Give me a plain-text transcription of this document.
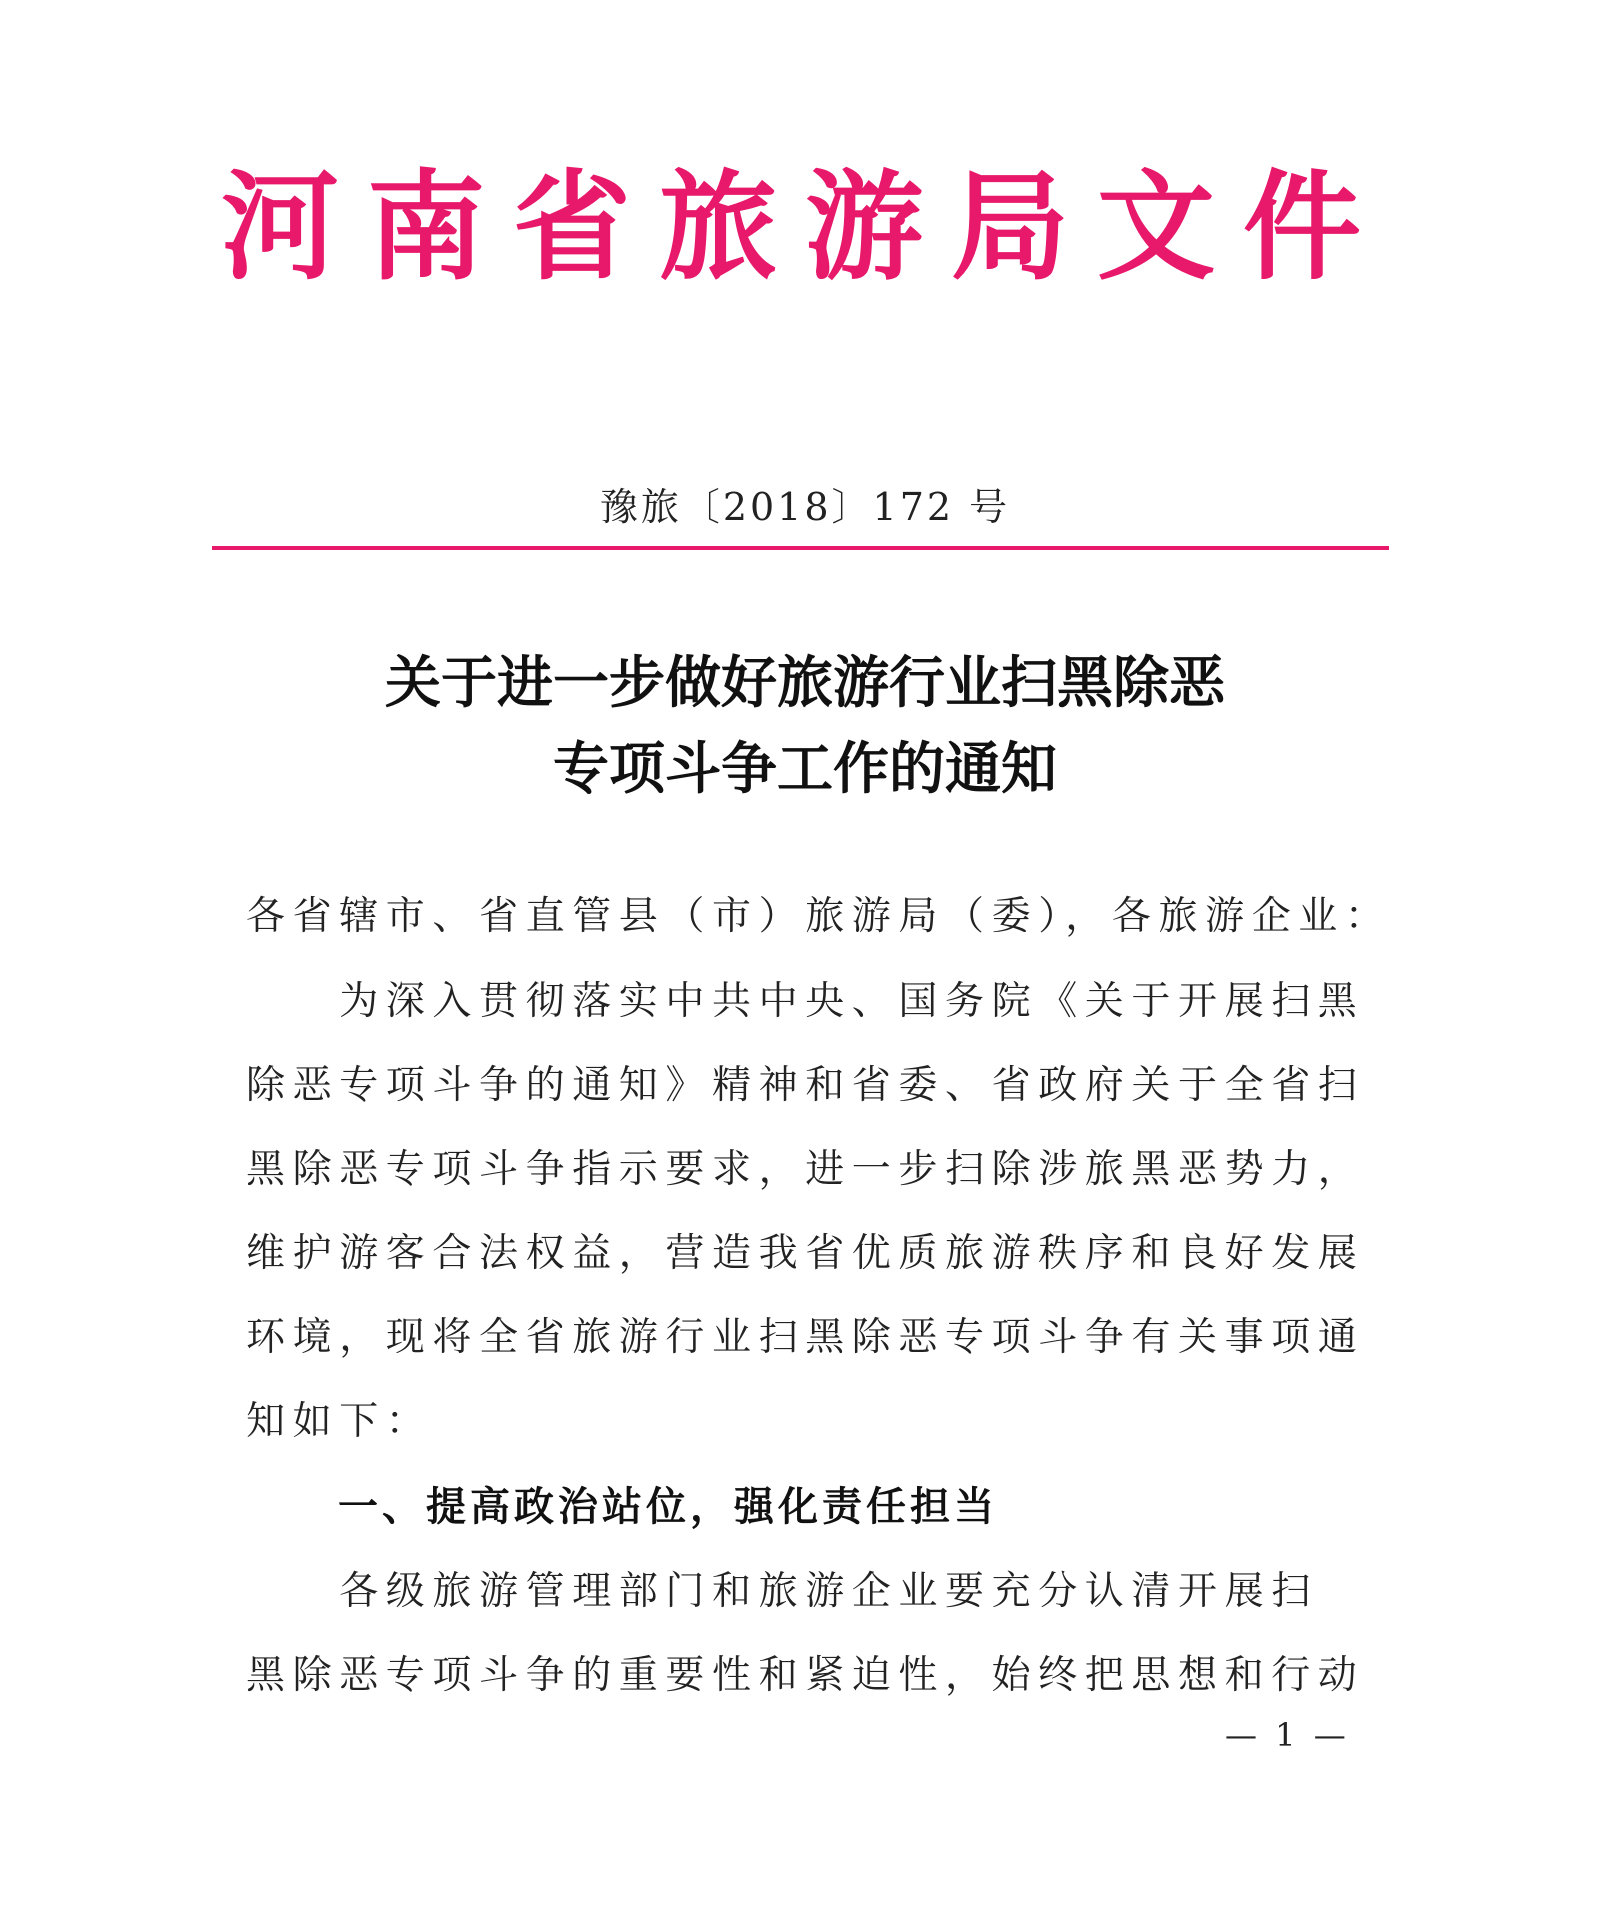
河南省旅游局文件
豫旅〔2018〕172 号
关于进一步做好旅游行业扫黑除恶
专项斗争工作的通知
各省辖市、省直管县（市）旅游局（委），各旅游企业：
　　为深入贯彻落实中共中央、国务院《关于开展扫黑
除恶专项斗争的通知》精神和省委、省政府关于全省扫
黑除恶专项斗争指示要求，进一步扫除涉旅黑恶势力，
维护游客合法权益，营造我省优质旅游秩序和良好发展
环境，现将全省旅游行业扫黑除恶专项斗争有关事项通
知如下：
一、提高政治站位，强化责任担当
　　各级旅游管理部门和旅游企业要充分认清开展扫
黑除恶专项斗争的重要性和紧迫性，始终把思想和行动
— 1 —
